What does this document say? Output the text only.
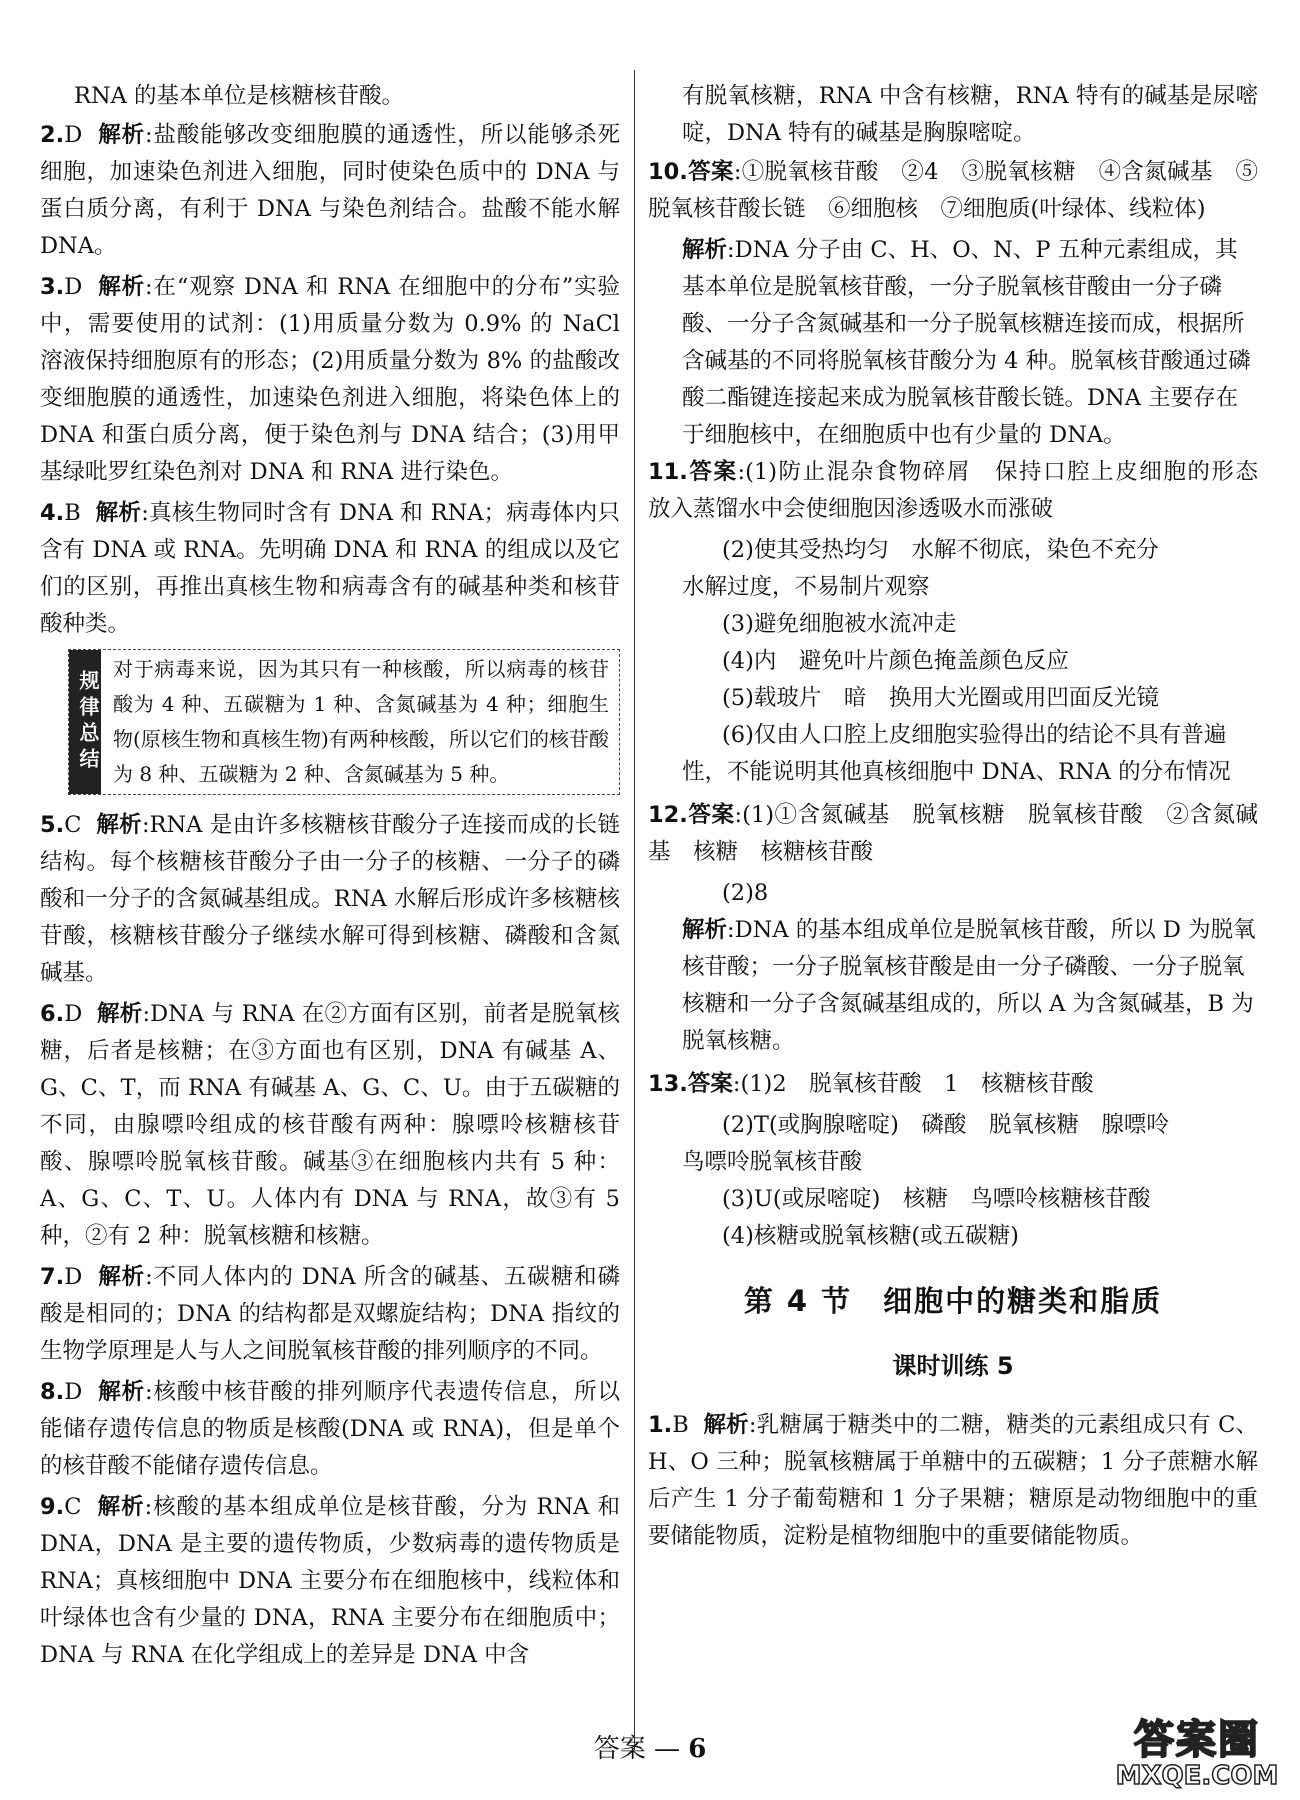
RNA 的基本单位是核糖核苷酸。

2.D 解析:盐酸能够改变细胞膜的通透性，所以能够杀死细胞，加速染色剂进入细胞，同时使染色质中的 DNA 与蛋白质分离，有利于 DNA 与染色剂结合。盐酸不能水解 DNA。
3.D 解析:在“观察 DNA 和 RNA 在细胞中的分布”实验中，需要使用的试剂：(1)用质量分数为 0.9% 的 NaCl 溶液保持细胞原有的形态；(2)用质量分数为 8% 的盐酸改变细胞膜的通透性，加速染色剂进入细胞，将染色体上的 DNA 和蛋白质分离，便于染色剂与 DNA 结合；(3)用甲基绿吡罗红染色剂对 DNA 和 RNA 进行染色。
4.B 解析:真核生物同时含有 DNA 和 RNA；病毒体内只含有 DNA 或 RNA。先明确 DNA 和 RNA 的组成以及它们的区别，再推出真核生物和病毒含有的碱基种类和核苷酸种类。
规律总结
对于病毒来说，因为其只有一种核酸，所以病毒的核苷酸为 4 种、五碳糖为 1 种、含氮碱基为 4 种；细胞生物(原核生物和真核生物)有两种核酸，所以它们的核苷酸为 8 种、五碳糖为 2 种、含氮碱基为 5 种。
5.C 解析:RNA 是由许多核糖核苷酸分子连接而成的长链结构。每个核糖核苷酸分子由一分子的核糖、一分子的磷酸和一分子的含氮碱基组成。RNA 水解后形成许多核糖核苷酸，核糖核苷酸分子继续水解可得到核糖、磷酸和含氮碱基。
6.D 解析:DNA 与 RNA 在②方面有区别，前者是脱氧核糖，后者是核糖；在③方面也有区别，DNA 有碱基 A、G、C、T，而 RNA 有碱基 A、G、C、U。由于五碳糖的不同，由腺嘌呤组成的核苷酸有两种：腺嘌呤核糖核苷酸、腺嘌呤脱氧核苷酸。碱基③在细胞核内共有 5 种：A、G、C、T、U。人体内有 DNA 与 RNA，故③有 5 种，②有 2 种：脱氧核糖和核糖。
7.D 解析:不同人体内的 DNA 所含的碱基、五碳糖和磷酸是相同的；DNA 的结构都是双螺旋结构；DNA 指纹的生物学原理是人与人之间脱氧核苷酸的排列顺序的不同。
8.D 解析:核酸中核苷酸的排列顺序代表遗传信息，所以能储存遗传信息的物质是核酸(DNA 或 RNA)，但是单个的核苷酸不能储存遗传信息。
9.C 解析:核酸的基本组成单位是核苷酸，分为 RNA 和 DNA，DNA 是主要的遗传物质，少数病毒的遗传物质是 RNA；真核细胞中 DNA 主要分布在细胞核中，线粒体和叶绿体也含有少量的 DNA，RNA 主要分布在细胞质中；DNA 与 RNA 在化学组成上的差异是 DNA 中含

有脱氧核糖，RNA 中含有核糖，RNA 特有的碱基是尿嘧啶，DNA 特有的碱基是胸腺嘧啶。

10.答案:①脱氧核苷酸　②4　③脱氧核糖　④含氮碱基　⑤脱氧核苷酸长链　⑥细胞核　⑦细胞质(叶绿体、线粒体)

解析:DNA 分子由 C、H、O、N、P 五种元素组成，其基本单位是脱氧核苷酸，一分子脱氧核苷酸由一分子磷酸、一分子含氮碱基和一分子脱氧核糖连接而成，根据所含碱基的不同将脱氧核苷酸分为 4 种。脱氧核苷酸通过磷酸二酯键连接起来成为脱氧核苷酸长链。DNA 主要存在于细胞核中，在细胞质中也有少量的 DNA。

11.答案:(1)防止混杂食物碎屑　保持口腔上皮细胞的形态　放入蒸馏水中会使细胞因渗透吸水而涨破

(2)使其受热均匀　水解不彻底，染色不充分

水解过度，不易制片观察

(3)避免细胞被水流冲走

(4)内　避免叶片颜色掩盖颜色反应

(5)载玻片　暗　换用大光圈或用凹面反光镜

(6)仅由人口腔上皮细胞实验得出的结论不具有普遍性，不能说明其他真核细胞中 DNA、RNA 的分布情况

12.答案:(1)①含氮碱基　脱氧核糖　脱氧核苷酸　②含氮碱基　核糖　核糖核苷酸

(2)8

解析:DNA 的基本组成单位是脱氧核苷酸，所以 D 为脱氧核苷酸；一分子脱氧核苷酸是由一分子磷酸、一分子脱氧核糖和一分子含氮碱基组成的，所以 A 为含氮碱基，B 为脱氧核糖。

13.答案:(1)2　脱氧核苷酸　1　核糖核苷酸

(2)T(或胸腺嘧啶)　磷酸　脱氧核糖　腺嘌呤

鸟嘌呤脱氧核苷酸

(3)U(或尿嘧啶)　核糖　鸟嘌呤核糖核苷酸

(4)核糖或脱氧核糖(或五碳糖)

第 4 节　细胞中的糖类和脂质
课时训练 5
1.B 解析:乳糖属于糖类中的二糖，糖类的元素组成只有 C、H、O 三种；脱氧核糖属于单糖中的五碳糖；1 分子蔗糖水解后产生 1 分子葡萄糖和 1 分子果糖；糖原是动物细胞中的重要储能物质，淀粉是植物细胞中的重要储能物质。
答案 — 6	答案圈
MXQE.COM
